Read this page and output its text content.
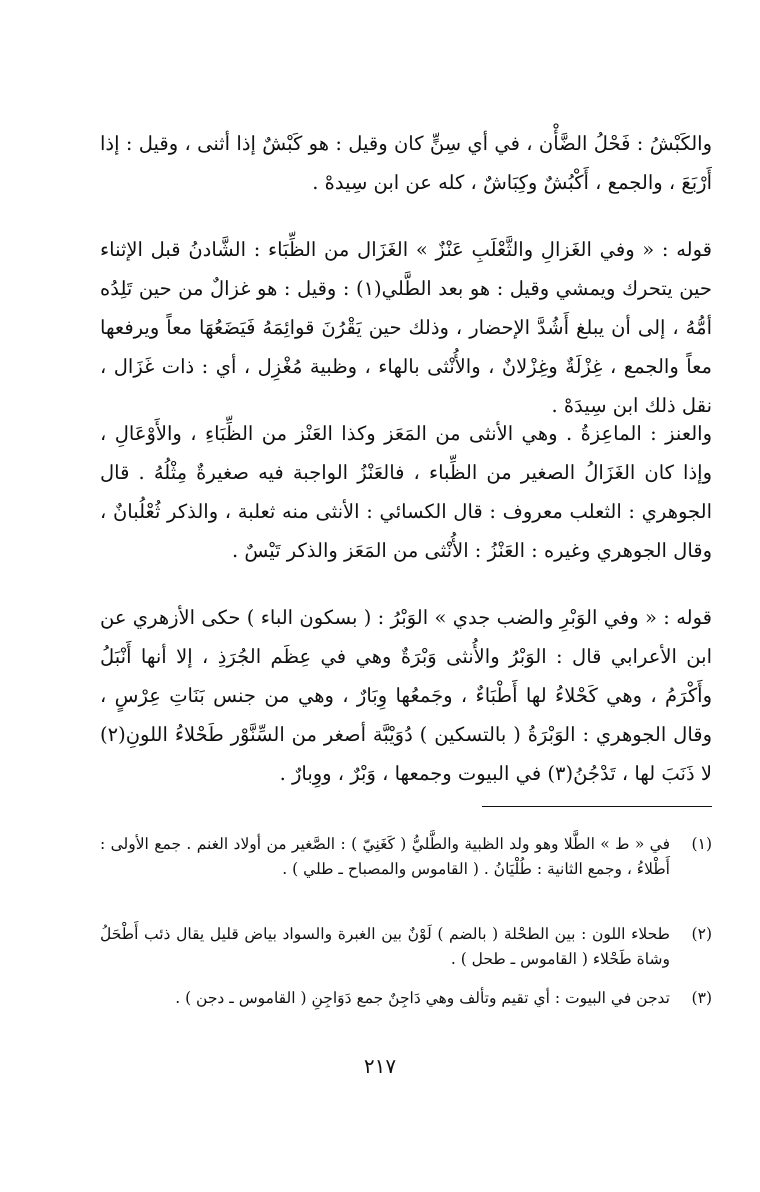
والكَبْشُ : فَحْلُ الضَّأْن ، في أي سِنٍّ كان وقيل : هو كَبْشٌ إذا أثنى ، وقيل : إذا أَرْبَعَ ، والجمع ، أَكْبُشٌ وكِبَاشٌ ، كله عن ابن سِيدهْ .
قوله : « وفي الغَزالِ والثَّعْلَبِ عَنْزٌ » الغَزَال من الظِّبَاء : الشَّادنُ قبل الإثناء حين يتحرك ويمشي وقيل : هو بعد الطَّلي(١) : وقيل : هو غزالٌ من حين تَلِدُه أمُّهُ ، إلى أن يبلغ أَشُدَّ الإحضار ، وذلك حين يَقْرُنَ قوائِمَهُ فَيَضَعُهَا معاً ويرفعها معاً والجمع ، غِزْلَةٌ وغِزْلانٌ ، والأُنْثى بالهاء ، وظبية مُغْزِل ، أي : ذات غَزَال ، نقل ذلك ابن سِيدَهْ .
والعنز : الماعِزةُ . وهي الأنثى من المَعَز وكذا العَنْز من الظِّبَاءِ ، والأَوْعَالِ ، وإذا كان الغَزَالُ الصغير من الظِّباء ، فالعَنْزُ الواجبة فيه صغيرةٌ مِثْلُهُ . قال الجوهري : الثعلب معروف : قال الكسائي : الأنثى منه ثعلبة ، والذكر ثُعْلُبانٌ ، وقال الجوهري وغيره : العَنْزُ : الأُنْثى من المَعَز والذكر تَيْسٌ .
قوله : « وفي الوَبْرِ والضب جدي » الوَبْرُ : ( بسكون الباء ) حكى الأزهري عن ابن الأعرابي قال : الوَبْرُ والأُنثى وَبْرَةٌ وهي في عِظَم الجُرَذِ ، إلا أنها أَنْبَلُ وأَكْرَمُ ، وهي كَحْلاءُ لها أَطْبَاءٌ ، وجَمعُها وِبَارٌ ، وهي من جنس بَنَاتِ عِرْسٍ ، وقال الجوهري : الوَبْرَةُ ( بالتسكين ) دُوَيْبَّة أصغر من السِّنَّوْر طَحْلاءُ اللونِ(٢) لا ذَنَبَ لها ، تَدْجُنُ(٣) في البيوت وجمعها ، وَبْرٌ ، ووِبارٌ .
(١)
في « ط » الطَّلا وهو ولد الظبية والطَّليُّ ( كَغَنِيّ ) : الصَّغير من أولاد الغنم . جمع الأولى : أَطْلاءُ ، وجمع الثانية : طُلْيَانُ . ( القاموس والمصباح ـ طلي ) .
(٢)
طحلاء اللون : بين الطحْلة ( بالضم ) لَوْنٌ بين الغبرة والسواد بياض قليل يقال ذئب أَطْحَلُ وشاة طَحْلاء ( القاموس ـ طحل ) .
(٣)
تدجن في البيوت : أي تقيم وتألف وهي دَاجِنٌ جمع دَوَاجِنِ ( القاموس ـ دجن ) .
٢١٧
